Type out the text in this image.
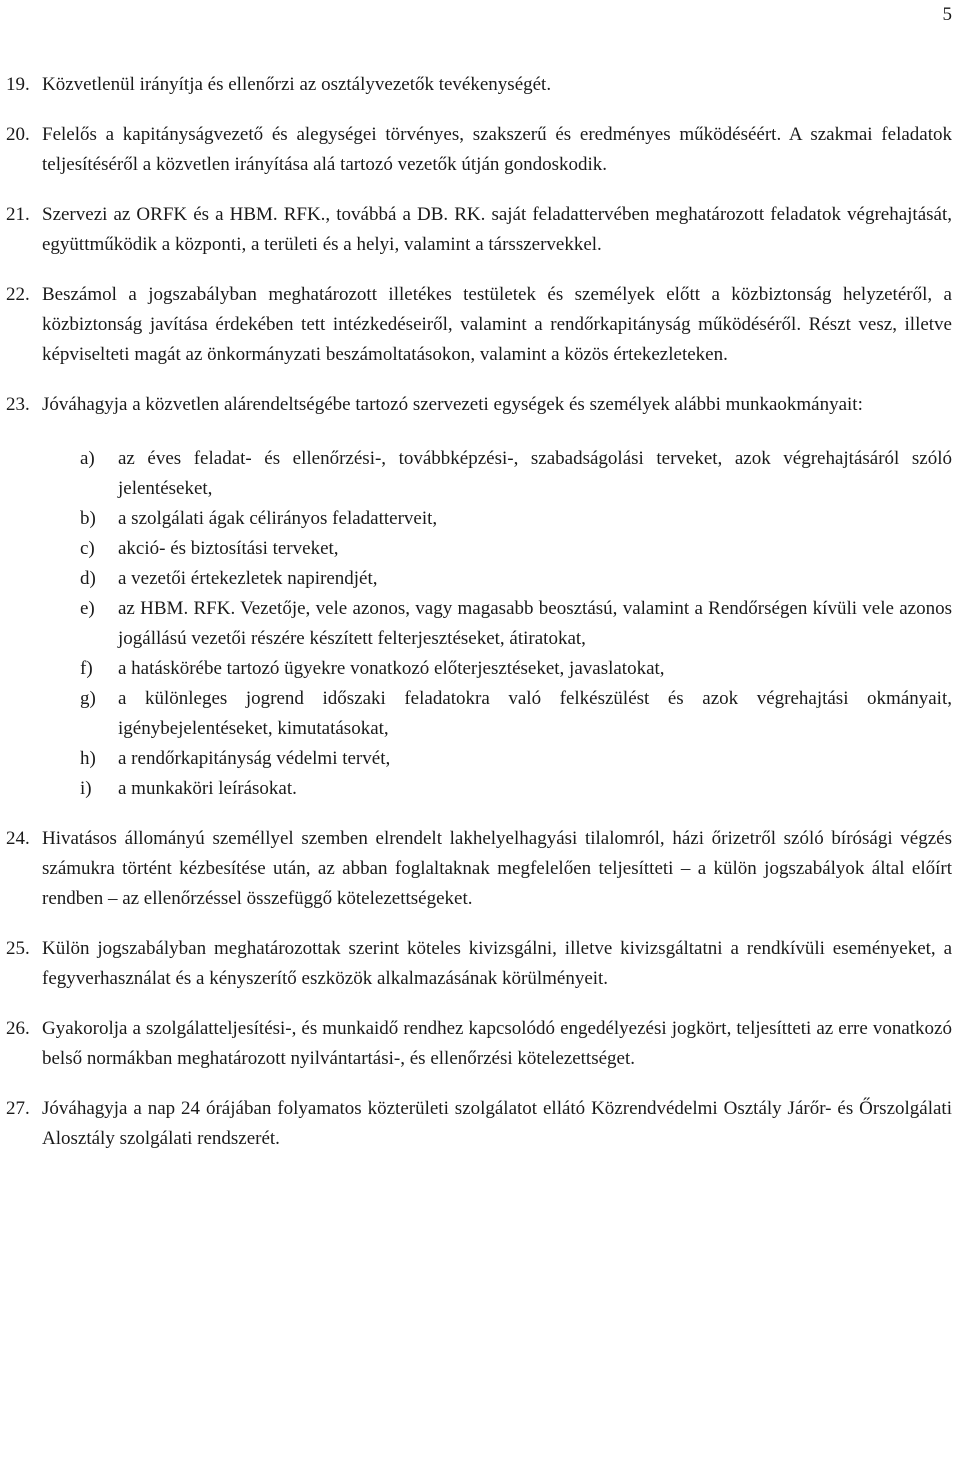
5
19. Közvetlenül irányítja és ellenőrzi az osztályvezetők tevékenységét.
20. Felelős a kapitányságvezető és alegységei törvényes, szakszerű és eredményes működéséért. A szakmai feladatok teljesítéséről a közvetlen irányítása alá tartozó vezetők útján gondoskodik.
21. Szervezi az ORFK és a HBM. RFK., továbbá a DB. RK. saját feladattervében meghatározott feladatok végrehajtását, együttműködik a központi, a területi és a helyi, valamint a társszervekkel.
22. Beszámol a jogszabályban meghatározott illetékes testületek és személyek előtt a közbiztonság helyzetéről, a közbiztonság javítása érdekében tett intézkedéseiről, valamint a rendőrkapitányság működéséről. Részt vesz, illetve képviselteti magát az önkormányzati beszámoltatásokon, valamint a közös értekezleteken.
23. Jóváhagyja a közvetlen alárendeltségébe tartozó szervezeti egységek és személyek alábbi munkaokmányait:
a) az éves feladat- és ellenőrzési-, továbbképzési-, szabadságolási terveket, azok végrehajtásáról szóló jelentéseket,
b) a szolgálati ágak célirányos feladatterveit,
c) akció- és biztosítási terveket,
d) a vezetői értekezletek napirendjét,
e) az HBM. RFK. Vezetője, vele azonos, vagy magasabb beosztású, valamint a Rendőrségen kívüli vele azonos jogállású vezetői részére készített felterjesztéseket, átiratokat,
f) a hatáskörébe tartozó ügyekre vonatkozó előterjesztéseket, javaslatokat,
g) a különleges jogrend időszaki feladatokra való felkészülést és azok végrehajtási okmányait, igénybejelentéseket, kimutatásokat,
h) a rendőrkapitányság védelmi tervét,
i) a munkaköri leírásokat.
24. Hivatásos állományú személlyel szemben elrendelt lakhelyelhagyási tilalomról, házi őrizetről szóló bírósági végzés számukra történt kézbesítése után, az abban foglaltaknak megfelelően teljesítteti – a külön jogszabályok által előírt rendben – az ellenőrzéssel összefüggő kötelezettségeket.
25. Külön jogszabályban meghatározottak szerint köteles kivizsgálni, illetve kivizsgáltatni a rendkívüli eseményeket, a fegyverhasználat és a kényszerítő eszközök alkalmazásának körülményeit.
26. Gyakorolja a szolgálatteljesítési-, és munkaidő rendhez kapcsolódó engedélyezési jogkört, teljesítteti az erre vonatkozó belső normákban meghatározott nyilvántartási-, és ellenőrzési kötelezettséget.
27. Jóváhagyja a nap 24 órájában folyamatos közterületi szolgálatot ellátó Közrendvédelmi Osztály Járőr- és Őrszolgálati Alosztály szolgálati rendszerét.
